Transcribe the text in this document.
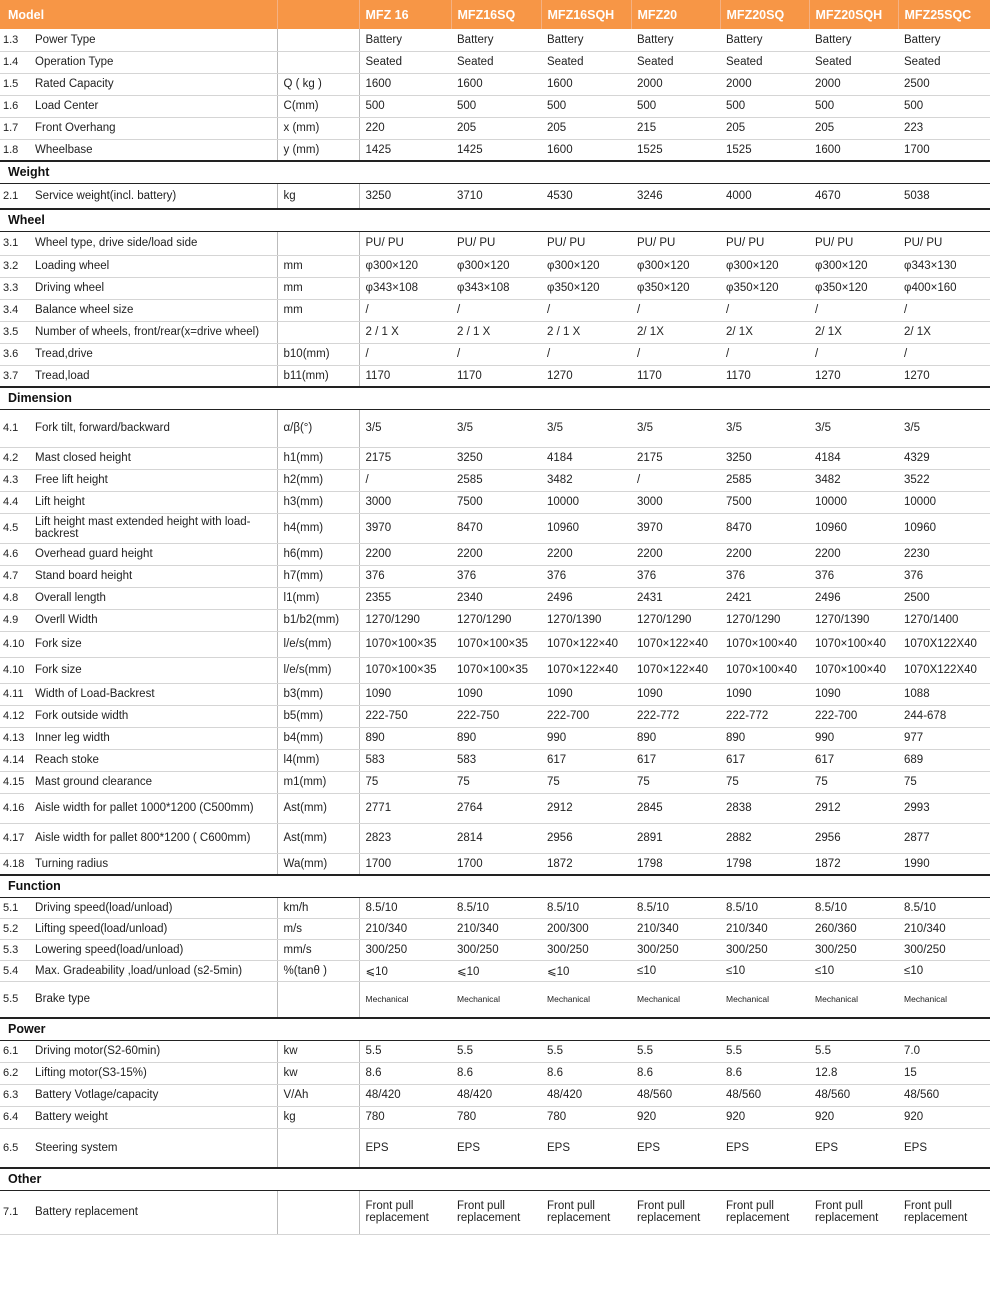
Model			MFZ 16	MFZ16SQ	MFZ16SQH	MFZ20	MFZ20SQ	MFZ20SQH	MFZ25SQC
1.3	Power Type		Battery	Battery	Battery	Battery	Battery	Battery	Battery
1.4	Operation Type		Seated	Seated	Seated	Seated	Seated	Seated	Seated
1.5	Rated Capacity	Q ( kg )	1600	1600	1600	2000	2000	2000	2500
1.6	Load Center	C(mm)	500	500	500	500	500	500	500
1.7	Front Overhang	x (mm)	220	205	205	215	205	205	223
1.8	Wheelbase	y (mm)	1425	1425	1600	1525	1525	1600	1700
Weight									
2.1	Service weight(incl. battery)	kg	3250	3710	4530	3246	4000	4670	5038
Wheel									
3.1	Wheel type, drive side/load side		PU/ PU	PU/ PU	PU/ PU	PU/ PU	PU/ PU	PU/ PU	PU/ PU
3.2	Loading wheel	mm	φ300×120	φ300×120	φ300×120	φ300×120	φ300×120	φ300×120	φ343×130
3.3	Driving wheel	mm	φ343×108	φ343×108	φ350×120	φ350×120	φ350×120	φ350×120	φ400×160
3.4	Balance wheel size	mm	/	/	/	/	/	/	/
3.5	Number of wheels, front/rear(x=drive wheel)		2 / 1 X	2 / 1 X	2 / 1 X	2/ 1X	2/ 1X	2/ 1X	2/ 1X
3.6	Tread,drive	b10(mm)	/	/	/	/	/	/	/
3.7	Tread,load	b11(mm)	1170	1170	1270	1170	1170	1270	1270
Dimension									
4.1	Fork tilt, forward/backward	α/β(°)	3/5	3/5	3/5	3/5	3/5	3/5	3/5
4.2	Mast closed height	h1(mm)	2175	3250	4184	2175	3250	4184	4329
4.3	Free lift height	h2(mm)	/	2585	3482	/	2585	3482	3522
4.4	Lift height	h3(mm)	3000	7500	10000	3000	7500	10000	10000
4.5	Lift height mast extended height with load-backrest	h4(mm)	3970	8470	10960	3970	8470	10960	10960
4.6	Overhead guard height	h6(mm)	2200	2200	2200	2200	2200	2200	2230
4.7	Stand board height	h7(mm)	376	376	376	376	376	376	376
4.8	Overall length	l1(mm)	2355	2340	2496	2431	2421	2496	2500
4.9	Overll Width	b1/b2(mm)	1270/1290	1270/1290	1270/1390	1270/1290	1270/1290	1270/1390	1270/1400
4.10	Fork size	l/e/s(mm)	1070×100×35	1070×100×35	1070×122×40	1070×122×40	1070×100×40	1070×100×40	1070X122X40
4.10	Fork size	l/e/s(mm)	1070×100×35	1070×100×35	1070×122×40	1070×122×40	1070×100×40	1070×100×40	1070X122X40
4.11	Width of Load-Backrest	b3(mm)	1090	1090	1090	1090	1090	1090	1088
4.12	Fork outside width	b5(mm)	222-750	222-750	222-700	222-772	222-772	222-700	244-678
4.13	Inner leg width	b4(mm)	890	890	990	890	890	990	977
4.14	Reach stoke	l4(mm)	583	583	617	617	617	617	689
4.15	Mast ground clearance	m1(mm)	75	75	75	75	75	75	75
4.16	Aisle width for pallet 1000*1200 (C500mm)	Ast(mm)	2771	2764	2912	2845	2838	2912	2993
4.17	Aisle width for pallet 800*1200 ( C600mm)	Ast(mm)	2823	2814	2956	2891	2882	2956	2877
4.18	Turning radius	Wa(mm)	1700	1700	1872	1798	1798	1872	1990
Function									
5.1	Driving speed(load/unload)	km/h	8.5/10	8.5/10	8.5/10	8.5/10	8.5/10	8.5/10	8.5/10
5.2	Lifting speed(load/unload)	m/s	210/340	210/340	200/300	210/340	210/340	260/360	210/340
5.3	Lowering speed(load/unload)	mm/s	300/250	300/250	300/250	300/250	300/250	300/250	300/250
5.4	Max. Gradeability ,load/unload (s2-5min)	%(tanθ )	⩽10	⩽10	⩽10	≤10	≤10	≤10	≤10
5.5	Brake type		Mechanical	Mechanical	Mechanical	Mechanical	Mechanical	Mechanical	Mechanical
Power									
6.1	Driving motor(S2-60min)	kw	5.5	5.5	5.5	5.5	5.5	5.5	7.0
6.2	Lifting motor(S3-15%)	kw	8.6	8.6	8.6	8.6	8.6	12.8	15
6.3	Battery Votlage/capacity	V/Ah	48/420	48/420	48/420	48/560	48/560	48/560	48/560
6.4	Battery weight	kg	780	780	780	920	920	920	920
6.5	Steering system		EPS	EPS	EPS	EPS	EPS	EPS	EPS
Other									
7.1	Battery replacement		Front pull replacement	Front pull replacement	Front pull replacement	Front pull replacement	Front pull replacement	Front pull replacement	Front pull replacement
